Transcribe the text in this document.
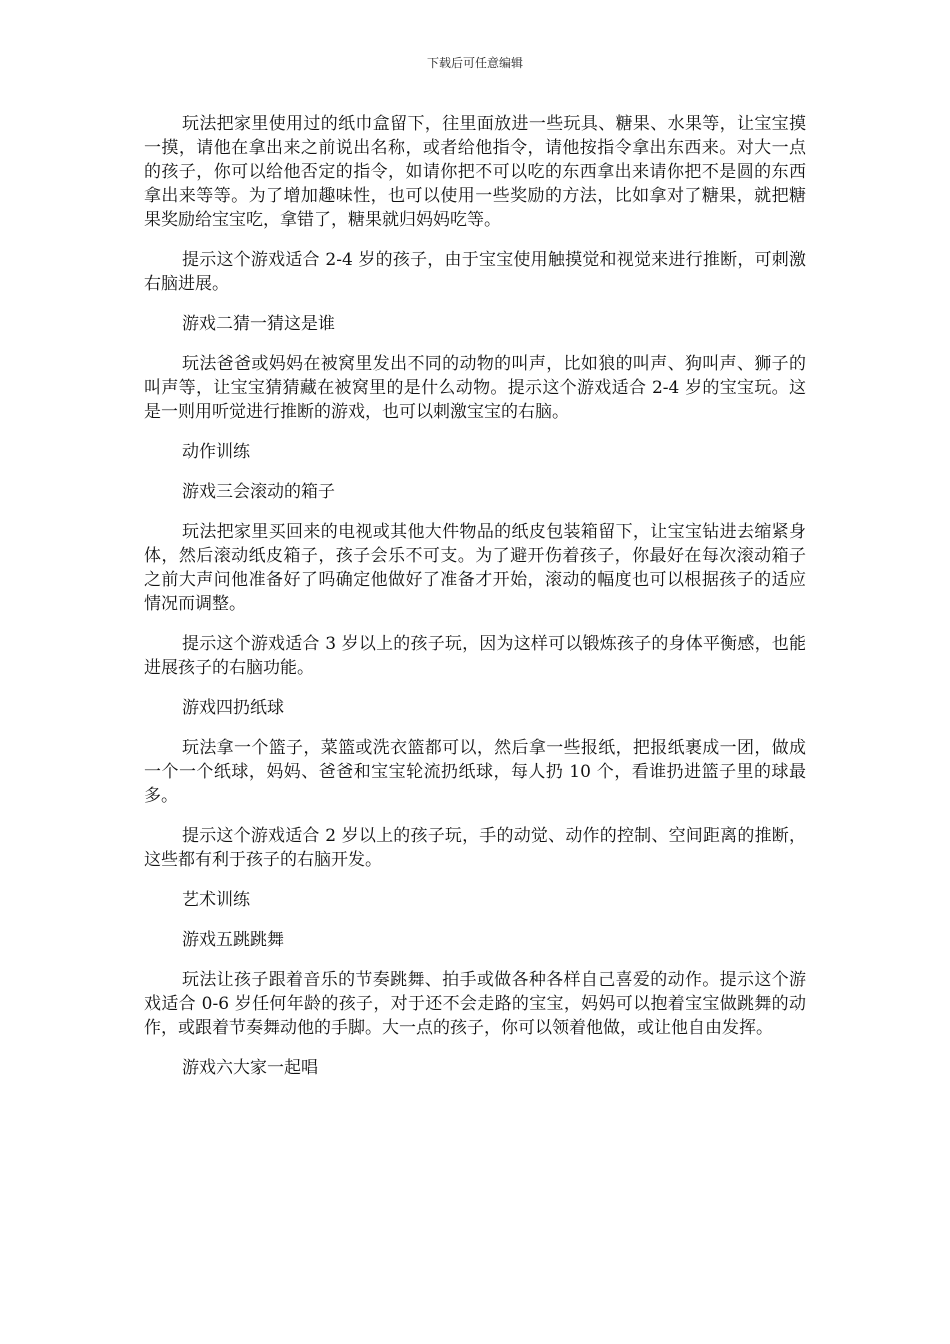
下载后可任意编辑

玩法把家里使用过的纸巾盒留下，往里面放进一些玩具、糖果、水果等，让宝宝摸一摸，请他在拿出来之前说出名称，或者给他指令，请他按指令拿出东西来。对大一点的孩子，你可以给他否定的指令，如请你把不可以吃的东西拿出来请你把不是圆的东西拿出来等等。为了增加趣味性，也可以使用一些奖励的方法，比如拿对了糖果，就把糖果奖励给宝宝吃，拿错了，糖果就归妈妈吃等。

提示这个游戏适合 2-4 岁的孩子，由于宝宝使用触摸觉和视觉来进行推断，可刺激右脑进展。

游戏二猜一猜这是谁

玩法爸爸或妈妈在被窝里发出不同的动物的叫声，比如狼的叫声、狗叫声、狮子的叫声等，让宝宝猜猜藏在被窝里的是什么动物。提示这个游戏适合 2-4 岁的宝宝玩。这是一则用听觉进行推断的游戏，也可以刺激宝宝的右脑。

动作训练

游戏三会滚动的箱子

玩法把家里买回来的电视或其他大件物品的纸皮包装箱留下，让宝宝钻进去缩紧身体，然后滚动纸皮箱子，孩子会乐不可支。为了避开伤着孩子，你最好在每次滚动箱子之前大声问他准备好了吗确定他做好了准备才开始，滚动的幅度也可以根据孩子的适应情况而调整。

提示这个游戏适合 3 岁以上的孩子玩，因为这样可以锻炼孩子的身体平衡感，也能进展孩子的右脑功能。

游戏四扔纸球

玩法拿一个篮子，菜篮或洗衣篮都可以，然后拿一些报纸，把报纸裹成一团，做成一个一个纸球，妈妈、爸爸和宝宝轮流扔纸球，每人扔 10 个，看谁扔进篮子里的球最多。

提示这个游戏适合 2 岁以上的孩子玩，手的动觉、动作的控制、空间距离的推断，这些都有利于孩子的右脑开发。

艺术训练

游戏五跳跳舞

玩法让孩子跟着音乐的节奏跳舞、拍手或做各种各样自己喜爱的动作。提示这个游戏适合 0-6 岁任何年龄的孩子，对于还不会走路的宝宝，妈妈可以抱着宝宝做跳舞的动作，或跟着节奏舞动他的手脚。大一点的孩子，你可以领着他做，或让他自由发挥。

游戏六大家一起唱
